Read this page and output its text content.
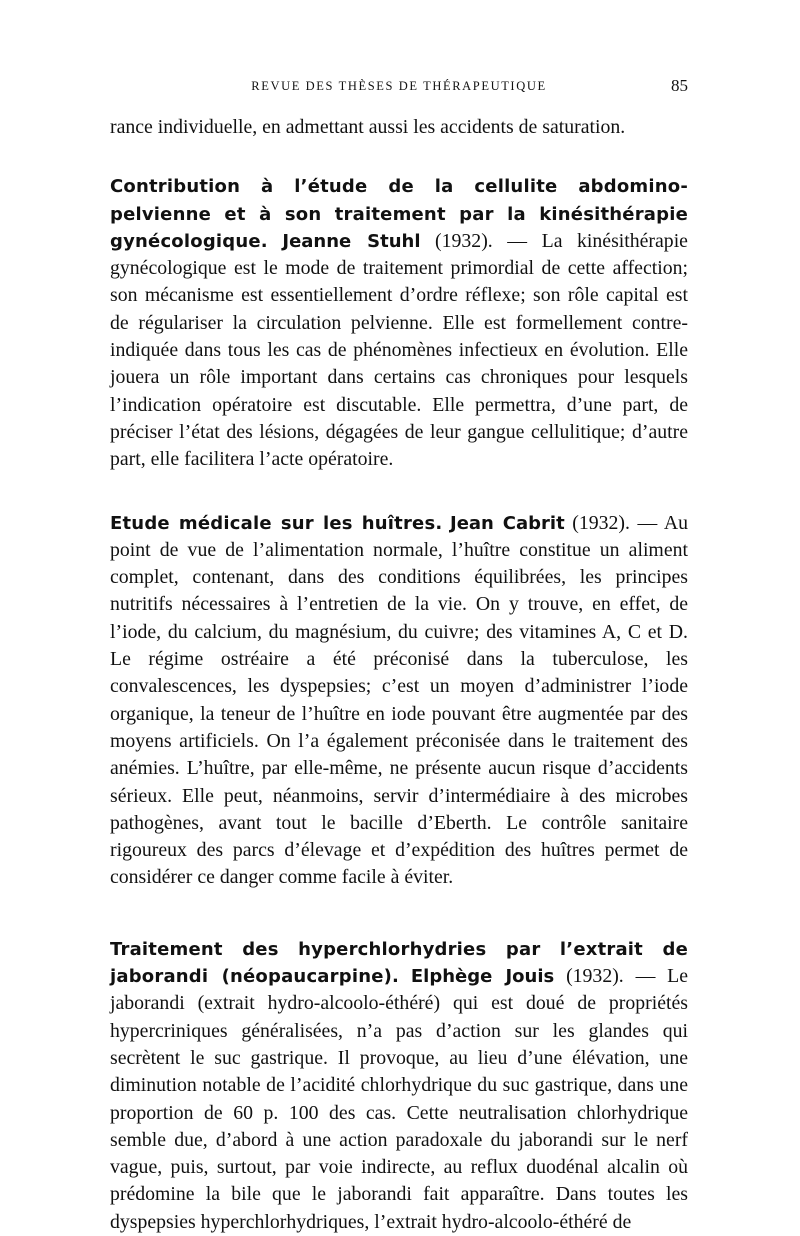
REVUE DES THÈSES DE THÉRAPEUTIQUE	85

rance individuelle, en admettant aussi les accidents de saturation.

Contribution à l’étude de la cellulite abdomino-pelvienne et à son traitement par la kinésithérapie gynécologique. Jeanne Stuhl (1932). — La kinésithérapie gynécologique est le mode de traitement primordial de cette affection; son mécanisme est essentiellement d’ordre réflexe; son rôle capital est de régulariser la circulation pelvienne. Elle est formellement contre-indiquée dans tous les cas de phénomènes infectieux en évolution. Elle jouera un rôle important dans certains cas chroniques pour lesquels l’indication opératoire est discutable. Elle permettra, d’une part, de préciser l’état des lésions, dégagées de leur gangue cellulitique; d’autre part, elle facilitera l’acte opératoire.

Etude médicale sur les huîtres. Jean Cabrit (1932). — Au point de vue de l’alimentation normale, l’huître constitue un aliment complet, contenant, dans des conditions équilibrées, les principes nutritifs nécessaires à l’entretien de la vie. On y trouve, en effet, de l’iode, du calcium, du magnésium, du cuivre; des vitamines A, C et D. Le régime ostréaire a été préconisé dans la tuberculose, les convalescences, les dyspepsies; c’est un moyen d’administrer l’iode organique, la teneur de l’huître en iode pouvant être augmentée par des moyens artificiels. On l’a également préconisée dans le traitement des anémies. L’huître, par elle-même, ne présente aucun risque d’accidents sérieux. Elle peut, néanmoins, servir d’intermédiaire à des microbes pathogènes, avant tout le bacille d’Eberth. Le contrôle sanitaire rigoureux des parcs d’élevage et d’expédition des huîtres permet de considérer ce danger comme facile à éviter.

Traitement des hyperchlorhydries par l’extrait de jaborandi (néopaucarpine). Elphège Jouis (1932). — Le jaborandi (extrait hydro-alcoolo-éthéré) qui est doué de propriétés hypercriniques généralisées, n’a pas d’action sur les glandes qui secrètent le suc gastrique. Il provoque, au lieu d’une élévation, une diminution notable de l’acidité chlorhydrique du suc gastrique, dans une proportion de 60 p. 100 des cas. Cette neutralisation chlorhydrique semble due, d’abord à une action paradoxale du jaborandi sur le nerf vague, puis, surtout, par voie indirecte, au reflux duodénal alcalin où prédomine la bile que le jaborandi fait apparaître. Dans toutes les dyspepsies hyperchlorhydriques, l’extrait hydro-alcoolo-éthéré de
